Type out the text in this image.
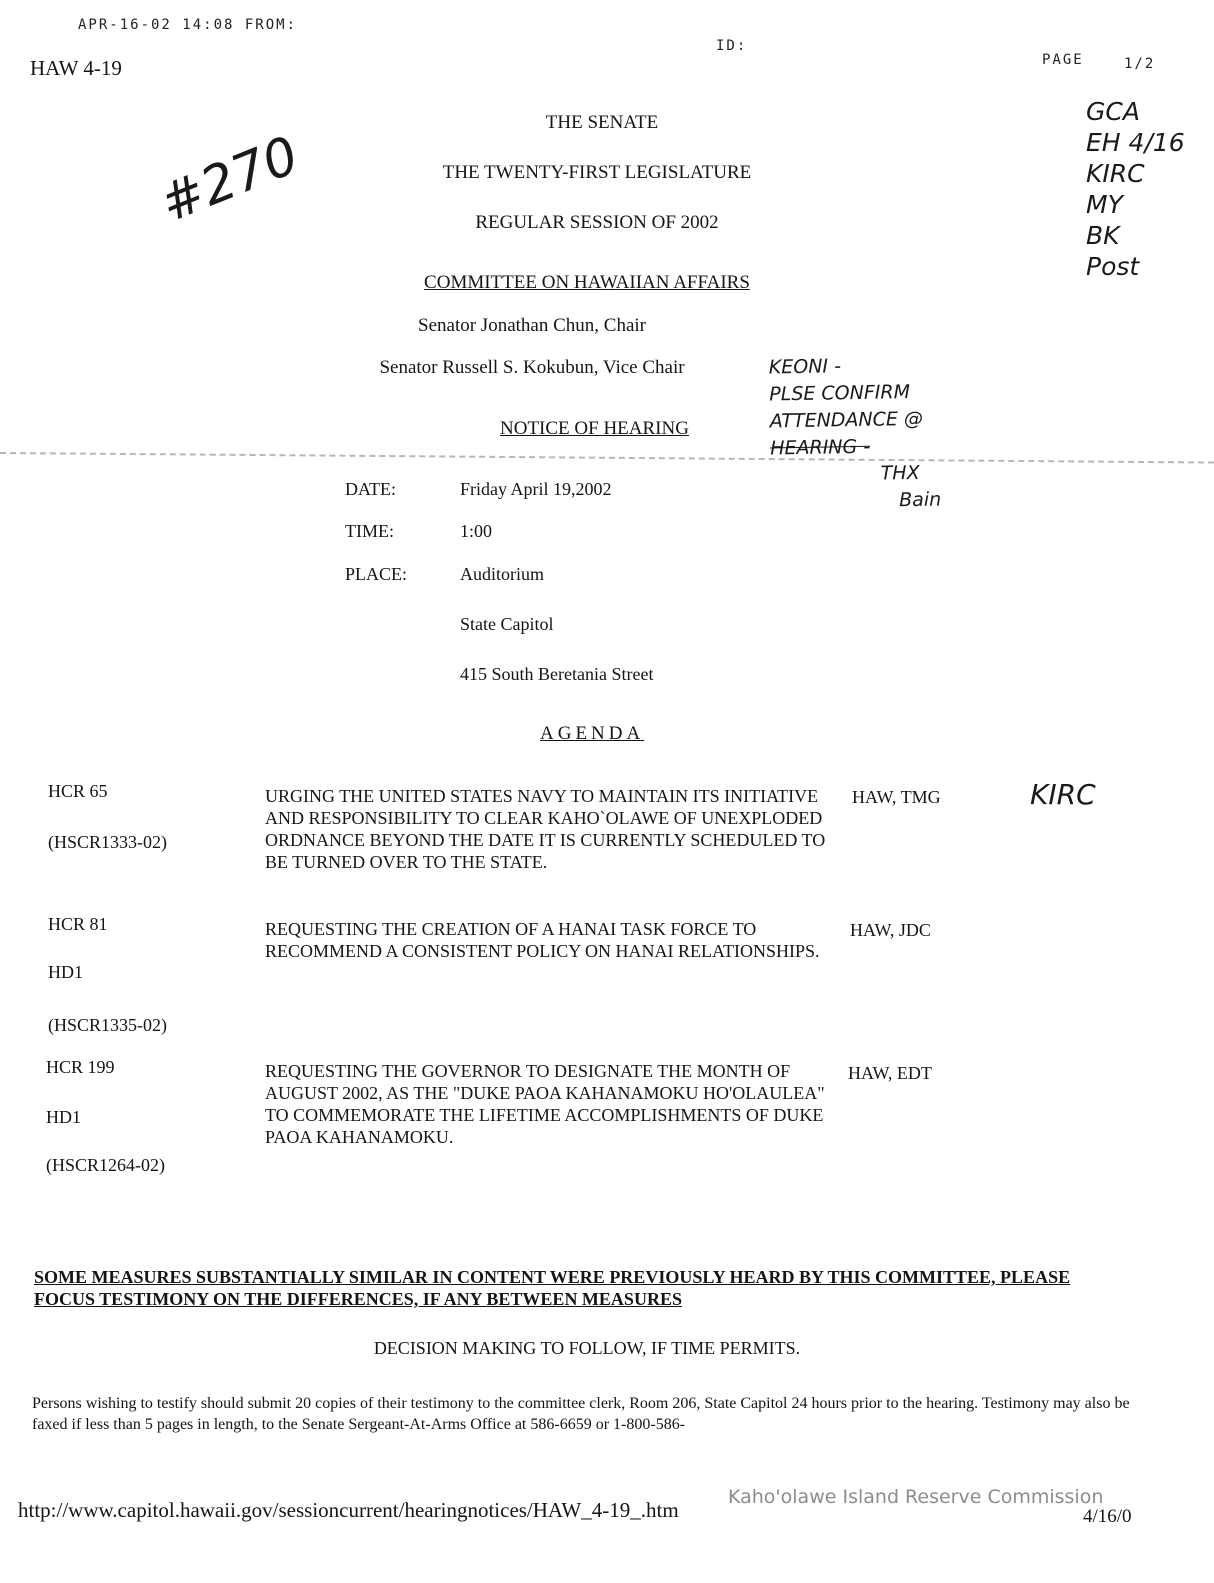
APR-16-02 14:08 FROM:
ID:
PAGE	1/2
HAW 4-19
#270
GCA
EH 4/16
KIRC
MY
BK
Post
KEONI -
PLSE CONFIRM
ATTENDANCE @
HEARING -
THX
Bain
KIRC
THE SENATE
THE TWENTY-FIRST LEGISLATURE
REGULAR SESSION OF 2002
COMMITTEE ON HAWAIIAN AFFAIRS
Senator Jonathan Chun, Chair
Senator Russell S. Kokubun, Vice Chair
NOTICE OF HEARING
DATE:	Friday April 19,2002
TIME:	1:00
PLACE:	Auditorium
State Capitol
415 South Beretania Street
AGENDA
HCR 65
(HSCR1333-02)
URGING THE UNITED STATES NAVY TO MAINTAIN ITS INITIATIVE AND RESPONSIBILITY TO CLEAR KAHO`OLAWE OF UNEXPLODED ORDNANCE BEYOND THE DATE IT IS CURRENTLY SCHEDULED TO BE TURNED OVER TO THE STATE.
HAW, TMG
HCR 81
HD1
(HSCR1335-02)
REQUESTING THE CREATION OF A HANAI TASK FORCE TO RECOMMEND A CONSISTENT POLICY ON HANAI RELATIONSHIPS.
HAW, JDC
HCR 199
HD1
(HSCR1264-02)
REQUESTING THE GOVERNOR TO DESIGNATE THE MONTH OF AUGUST 2002, AS THE "DUKE PAOA KAHANAMOKU HO'OLAULEA" TO COMMEMORATE THE LIFETIME ACCOMPLISHMENTS OF DUKE PAOA KAHANAMOKU.
HAW, EDT
SOME MEASURES SUBSTANTIALLY SIMILAR IN CONTENT WERE PREVIOUSLY HEARD BY THIS COMMITTEE, PLEASE FOCUS TESTIMONY ON THE DIFFERENCES, IF ANY BETWEEN MEASURES
DECISION MAKING TO FOLLOW, IF TIME PERMITS.
Persons wishing to testify should submit 20 copies of their testimony to the committee clerk, Room 206, State Capitol 24 hours prior to the hearing. Testimony may also be faxed if less than 5 pages in length, to the Senate Sergeant-At-Arms Office at 586-6659 or 1-800-586-
http://www.capitol.hawaii.gov/sessioncurrent/hearingnotices/HAW_4-19_.htm	4/16/0
Kaho'olawe Island Reserve Commission
